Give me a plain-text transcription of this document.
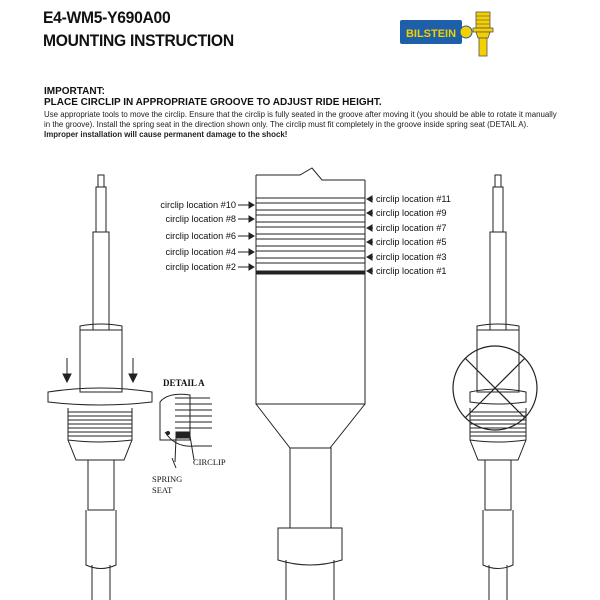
E4-WM5-Y690A00
MOUNTING INSTRUCTION	BILSTEIN
IMPORTANT:
PLACE CIRCLIP IN APPROPRIATE GROOVE TO ADJUST RIDE HEIGHT.
Use appropriate tools to move the circlip. Ensure that the circlip is fully seated in the groove after moving it (you should be able to rotate it manually in the groove). Install the spring seat in the direction shown only. The circlip must fit completely in the groove inside spring seat (DETAIL A). Improper installation will cause permanent damage to the shock!
circlip location #10
circlip location #8
circlip location #6
circlip location #4
circlip location #2
circlip location #11
circlip location #9
circlip location #7
circlip location #5
circlip location #3
circlip location #1
DETAIL A
CIRCLIP
SPRING
SEAT
